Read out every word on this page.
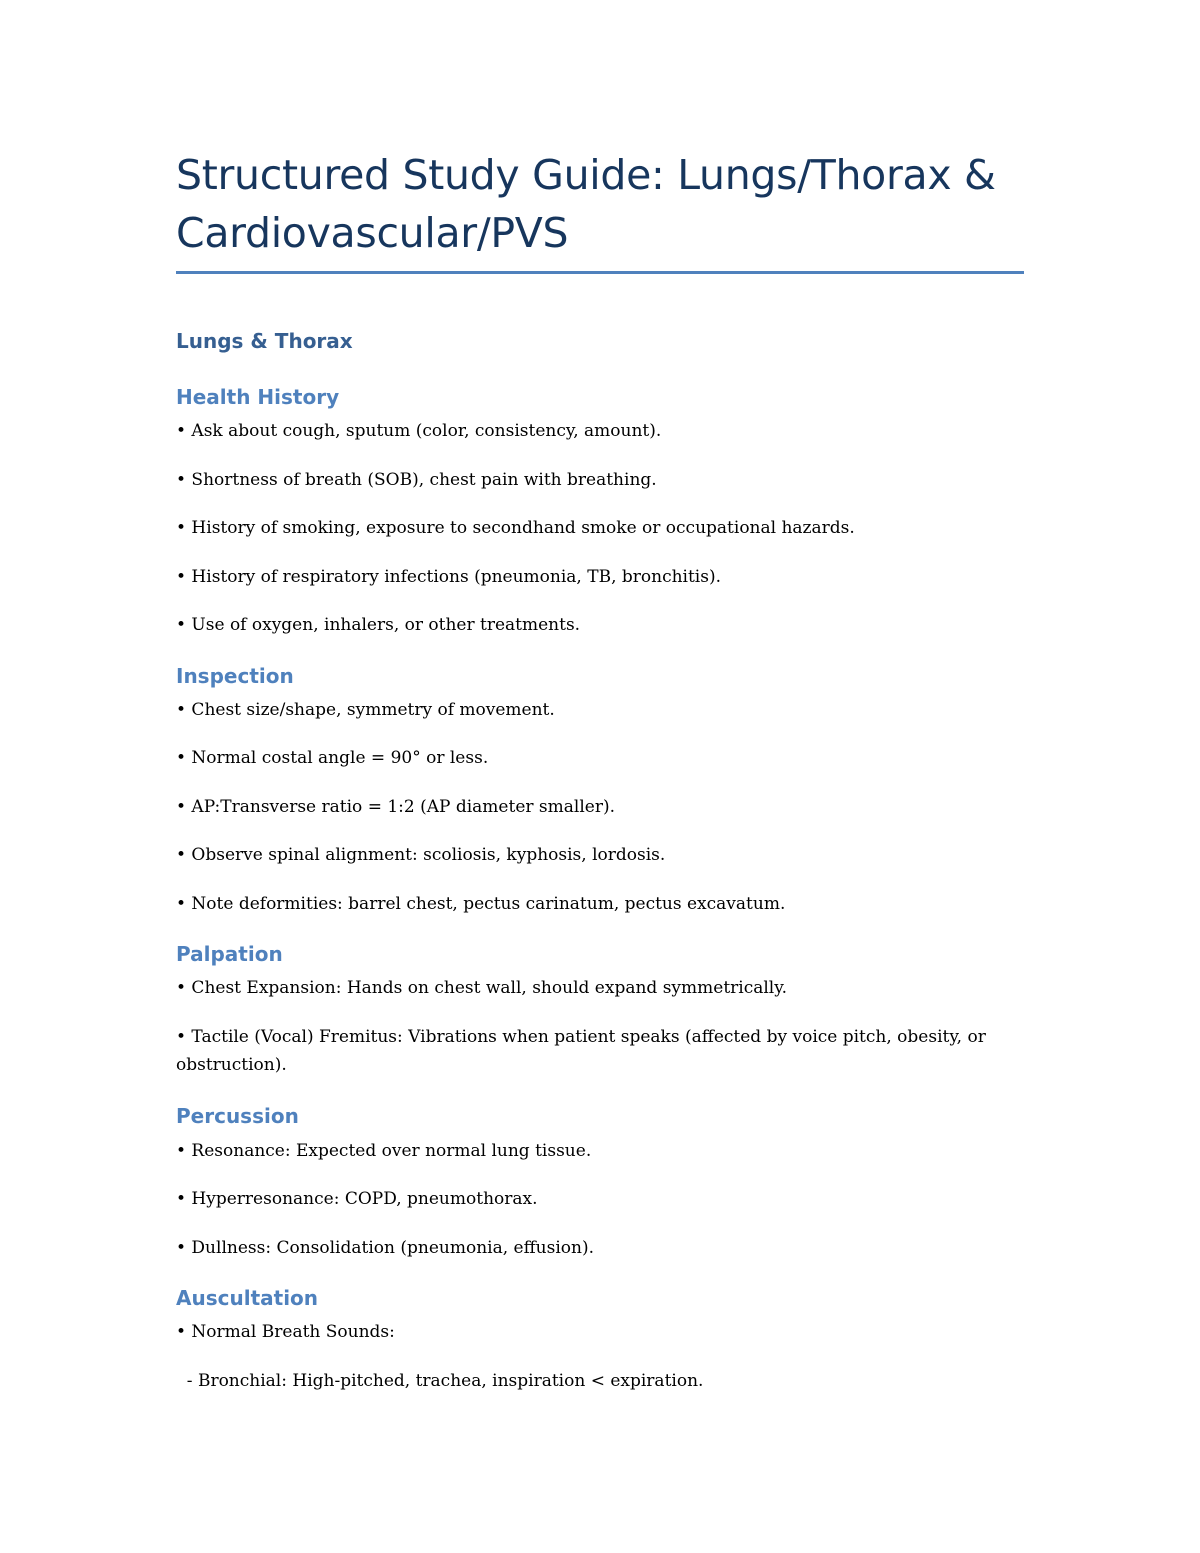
Structured Study Guide: Lungs/Thorax & Cardiovascular/PVS
Lungs & Thorax
Health History

• Ask about cough, sputum (color, consistency, amount).

• Shortness of breath (SOB), chest pain with breathing.

• History of smoking, exposure to secondhand smoke or occupational hazards.

• History of respiratory infections (pneumonia, TB, bronchitis).

• Use of oxygen, inhalers, or other treatments.

Inspection

• Chest size/shape, symmetry of movement.

• Normal costal angle = 90° or less.

• AP:Transverse ratio = 1:2 (AP diameter smaller).

• Observe spinal alignment: scoliosis, kyphosis, lordosis.

• Note deformities: barrel chest, pectus carinatum, pectus excavatum.

Palpation

• Chest Expansion: Hands on chest wall, should expand symmetrically.

• Tactile (Vocal) Fremitus: Vibrations when patient speaks (affected by voice pitch, obesity, or obstruction).

Percussion

• Resonance: Expected over normal lung tissue.

• Hyperresonance: COPD, pneumothorax.

• Dullness: Consolidation (pneumonia, effusion).

Auscultation

• Normal Breath Sounds:

- Bronchial: High-pitched, trachea, inspiration < expiration.
